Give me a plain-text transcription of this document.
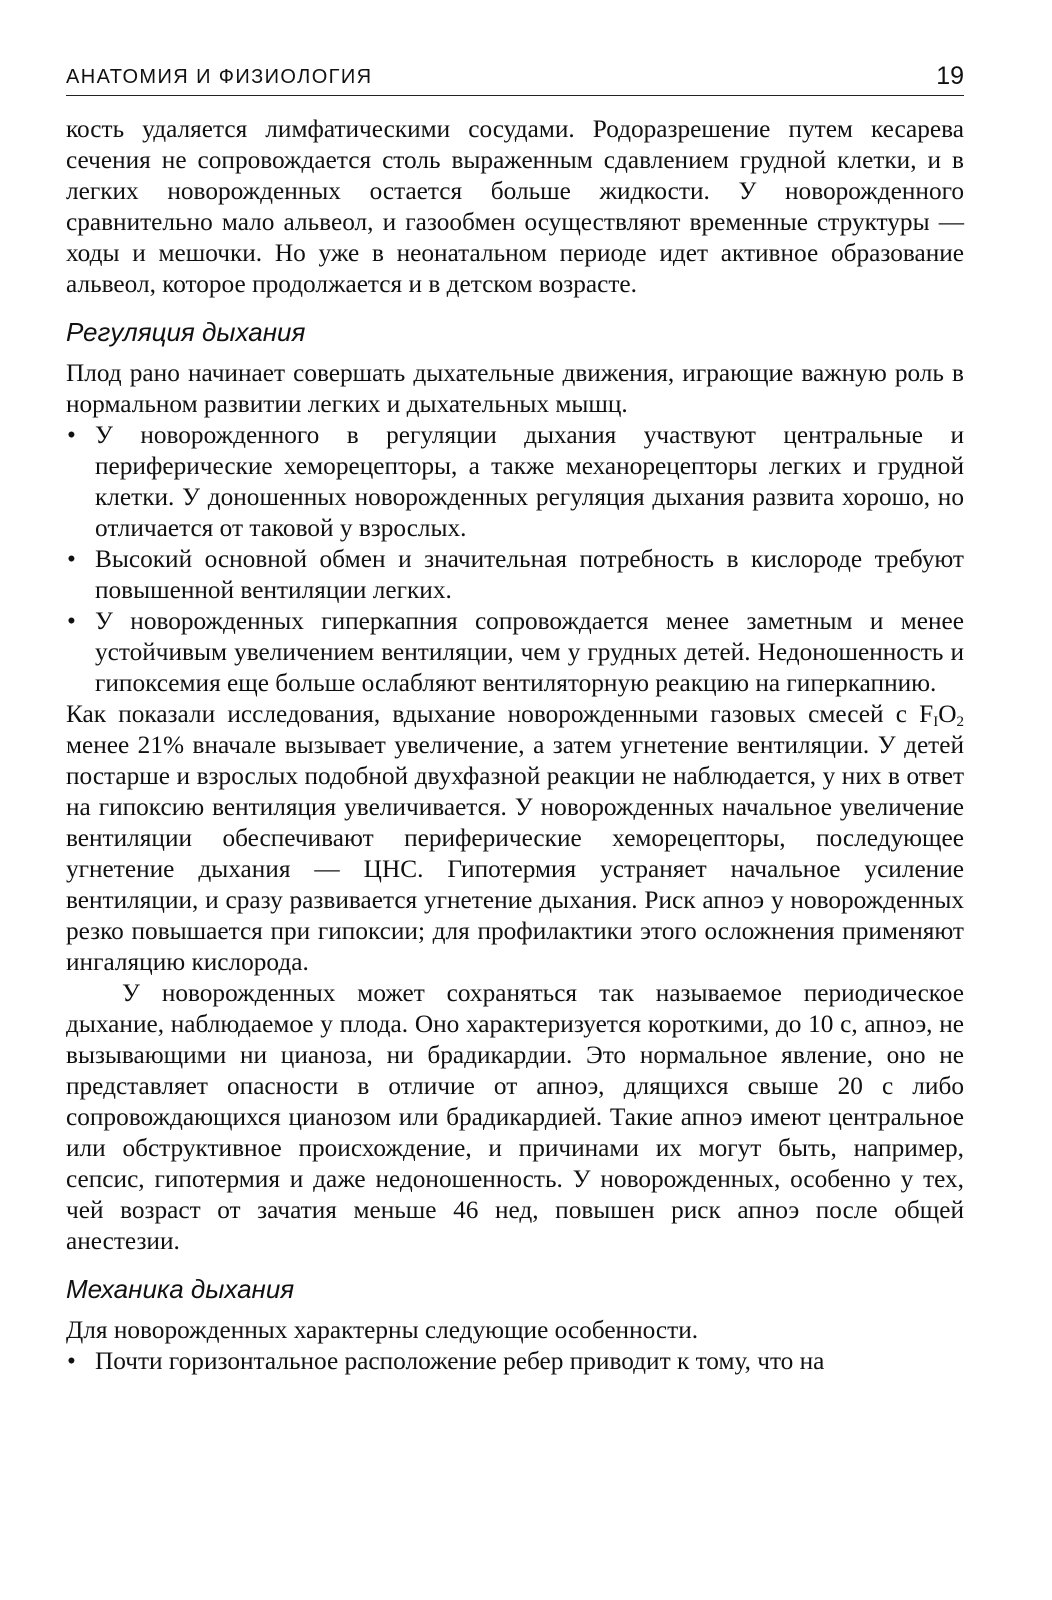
АНАТОМИЯ И ФИЗИОЛОГИЯ	19

кость удаляется лимфатическими сосудами. Родоразрешение путем кесарева сечения не сопровождается столь выраженным сдавлением грудной клетки, и в легких новорожденных остается больше жидкости. У новорожденного сравнительно мало альвеол, и газообмен осуществляют временные структуры — ходы и мешочки. Но уже в неонатальном периоде идет активное образование альвеол, которое продолжается и в детском возрасте.

Регуляция дыхания

Плод рано начинает совершать дыхательные движения, играющие важную роль в нормальном развитии легких и дыхательных мышц.

• У новорожденного в регуляции дыхания участвуют центральные и периферические хеморецепторы, а также механорецепторы легких и грудной клетки. У доношенных новорожденных регуляция дыхания развита хорошо, но отличается от таковой у взрослых.
• Высокий основной обмен и значительная потребность в кислороде требуют повышенной вентиляции легких.
• У новорожденных гиперкапния сопровождается менее заметным и менее устойчивым увеличением вентиляции, чем у грудных детей. Недоношенность и гипоксемия еще больше ослабляют вентиляторную реакцию на гиперкапнию.

Как показали исследования, вдыхание новорожденными газовых смесей с $F_IO_2$ менее 21% вначале вызывает увеличение, а затем угнетение вентиляции. У детей постарше и взрослых подобной двухфазной реакции не наблюдается, у них в ответ на гипоксию вентиляция увеличивается. У новорожденных начальное увеличение вентиляции обеспечивают периферические хеморецепторы, последующее угнетение дыхания — ЦНС. Гипотермия устраняет начальное усиление вентиляции, и сразу развивается угнетение дыхания. Риск апноэ у новорожденных резко повышается при гипоксии; для профилактики этого осложнения применяют ингаляцию кислорода.

У новорожденных может сохраняться так называемое периодическое дыхание, наблюдаемое у плода. Оно характеризуется короткими, до 10 с, апноэ, не вызывающими ни цианоза, ни брадикардии. Это нормальное явление, оно не представляет опасности в отличие от апноэ, длящихся свыше 20 с либо сопровождающихся цианозом или брадикардией. Такие апноэ имеют центральное или обструктивное происхождение, и причинами их могут быть, например, сепсис, гипотермия и даже недоношенность. У новорожденных, особенно у тех, чей возраст от зачатия меньше 46 нед, повышен риск апноэ после общей анестезии.

Механика дыхания

Для новорожденных характерны следующие особенности.

• Почти горизонтальное расположение ребер приводит к тому, что на
